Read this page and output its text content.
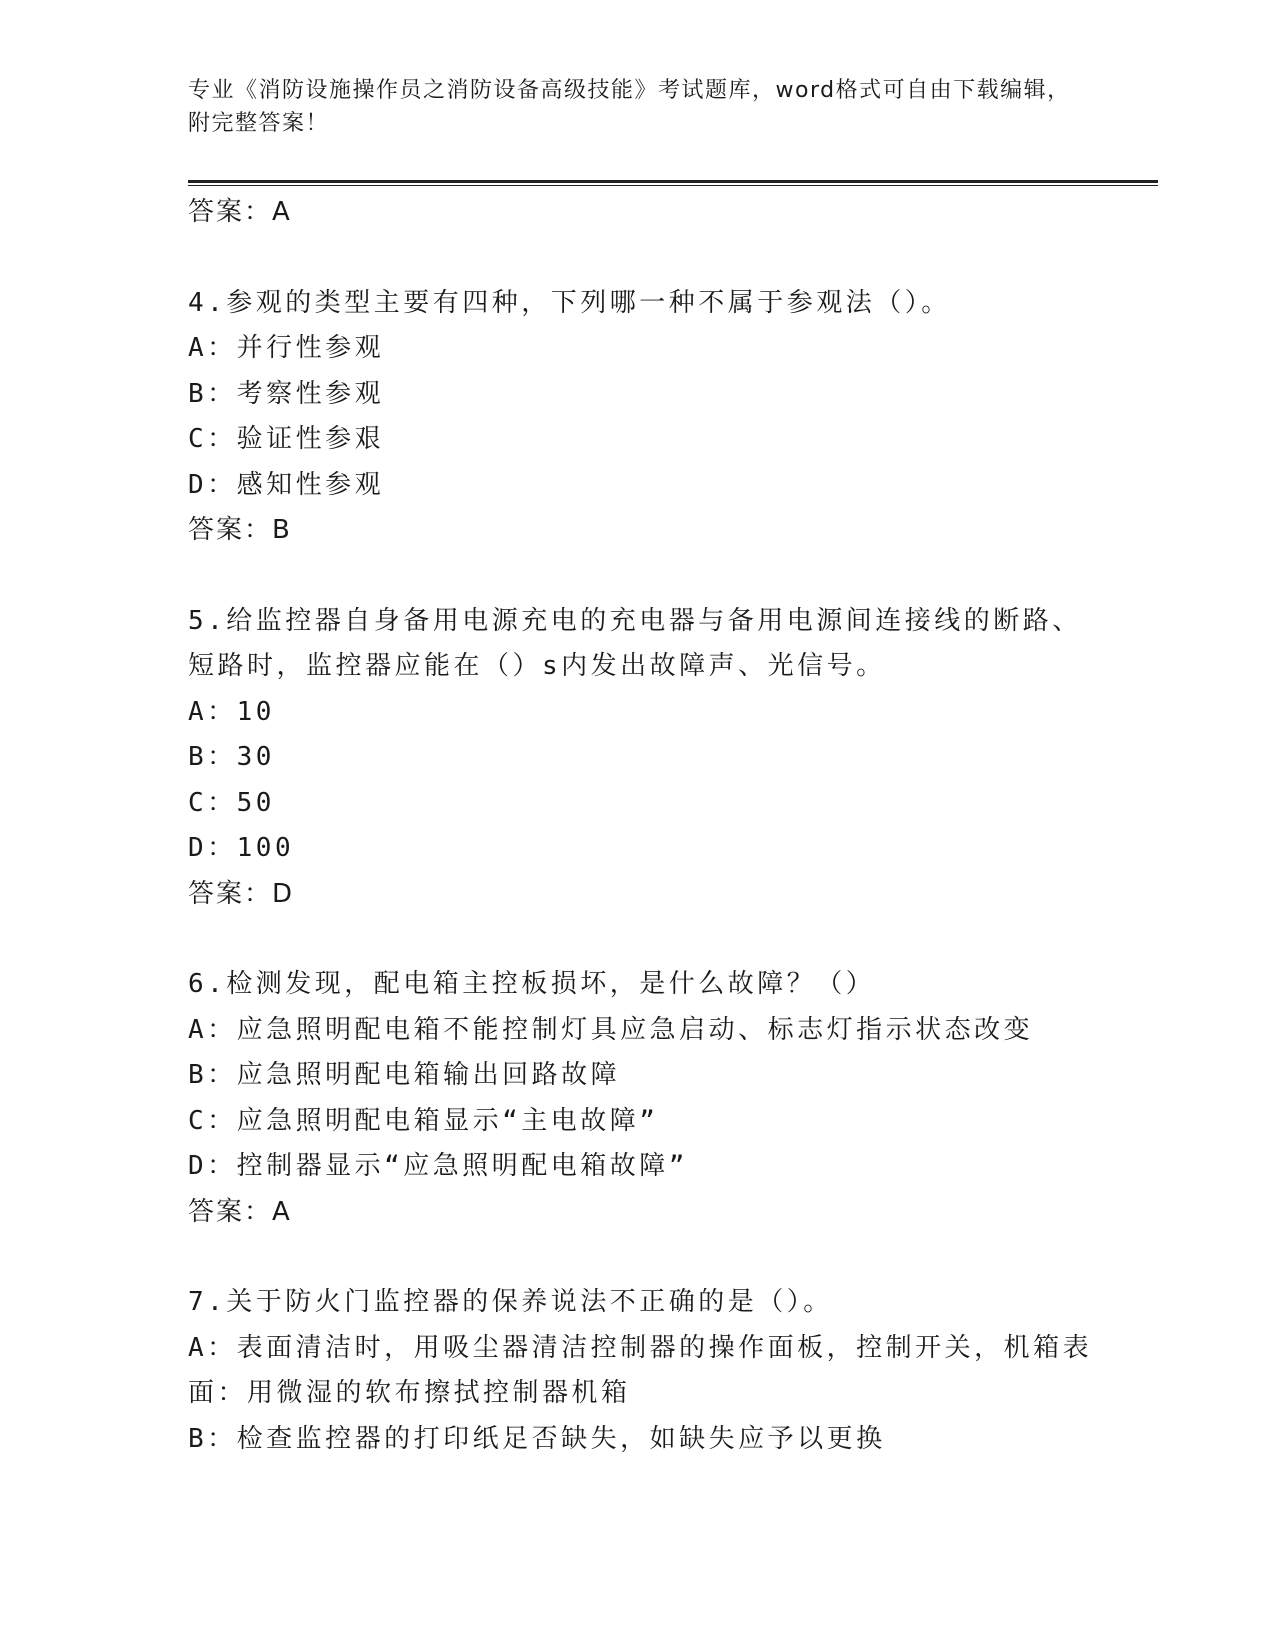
专业《消防设施操作员之消防设备高级技能》考试题库，word格式可自由下载编辑，附完整答案！
答案：A
4.参观的类型主要有四种，下列哪一种不属于参观法（）。
A：并行性参观
B：考察性参观
C：验证性参艰
D：感知性参观
答案：B
5.给监控器自身备用电源充电的充电器与备用电源间连接线的断路、
短路时，监控器应能在（）s内发出故障声、光信号。
A：10
B：30
C：50
D：100
答案：D
6.检测发现，配电箱主控板损坏，是什么故障？（）
A：应急照明配电箱不能控制灯具应急启动、标志灯指示状态改变
B：应急照明配电箱输出回路故障
C：应急照明配电箱显示“主电故障”
D：控制器显示“应急照明配电箱故障”
答案：A
7.关于防火门监控器的保养说法不正确的是（）。
A：表面清洁时，用吸尘器清洁控制器的操作面板，控制开关，机箱表
面：用微湿的软布擦拭控制器机箱
B：检查监控器的打印纸足否缺失，如缺失应予以更换
